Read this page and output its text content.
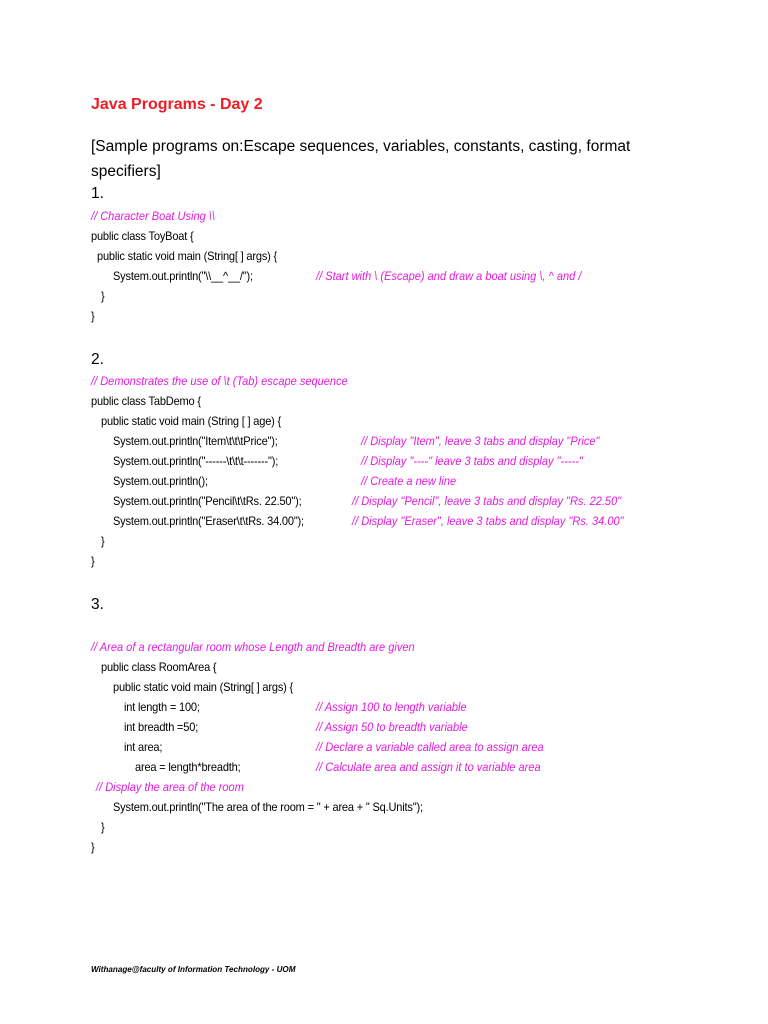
Java Programs - Day 2
[Sample programs on:Escape sequences, variables, constants, casting, format specifiers]
1.
// Character Boat Using \\
public class ToyBoat {
public static void main (String[ ] args) {
System.out.println("\\__^__/");	// Start with \ (Escape) and draw a boat using \, ^ and /
}
}
2.
// Demonstrates the use of \t (Tab) escape sequence
public class TabDemo {
public static void main (String [ ] age) {
System.out.println("Item\t\t\tPrice");	// Display "Item", leave 3 tabs and display "Price"
System.out.println("------\t\t\t-------");	// Display "----" leave 3 tabs and display "-----"
System.out.println();	// Create a new line
System.out.println("Pencil\t\tRs. 22.50");	// Display "Pencil", leave 3 tabs and display "Rs. 22.50"
System.out.println("Eraser\t\tRs. 34.00");	// Display "Eraser", leave 3 tabs and display "Rs. 34.00"
}
}
3.
// Area of a rectangular room whose Length and Breadth are given
public class RoomArea {
public static void main (String[ ] args) {
int length = 100;	// Assign 100 to length variable
int breadth =50;	// Assign 50 to breadth variable
int area;	// Declare a variable called area to assign area
area = length*breadth;	// Calculate area and assign it to variable area
// Display the area of the room
System.out.println("The area of the room = " + area + " Sq.Units");
}
}
Withanage@faculty of Information Technology - UOM
